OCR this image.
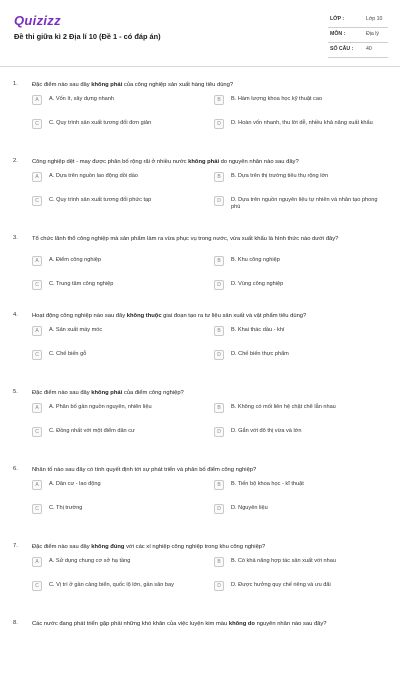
Quizizz
Đề thi giữa kì 2 Địa lí 10 (Đề 1 - có đáp án)
LỚP :	Lớp 10
MÔN :	Địa lý
SỐ CÂU : 40
1. Đặc điểm nào sau đây không phải của công nghiệp sản xuất hàng tiêu dùng?
A	A. Vốn ít, xây dựng nhanh	B	B. Hàm lượng khoa học kỹ thuật cao
C	C. Quy trình sản xuất tương đối đơn giản	D	D. Hoàn vốn nhanh, thu lời dễ, nhiều khả năng xuất khẩu
2. Công nghiệp dệt - may được phân bố rộng rãi ở nhiều nước không phải do nguyên nhân nào sau đây?
A	A. Dựa trên nguồn lao động dồi dào	B	B. Dựa trên thị trường tiêu thụ rộng lớn
C	C. Quy trình sản xuất tương đối phức tạp	D	D. Dựa trên nguồn nguyên liệu tự nhiên và nhân tạo phong phú
3. Tổ chức lãnh thổ công nghiệp mà sản phẩm làm ra vừa phục vụ trong nước, vừa xuất khẩu là hình thức nào dưới đây?
A	A. Điểm công nghiệp	B	B. Khu công nghiệp
C	C. Trung tâm công nghiệp	D	D. Vùng công nghiệp
4. Hoạt động công nghiệp nào sau đây không thuộc giai đoạn tạo ra tư liệu sản xuất và vật phẩm tiêu dùng?
A	A. Sản xuất máy móc	B	B. Khai thác dầu - khí
C	C. Chế biến gỗ	D	D. Chế biến thực phẩm
5. Đặc điểm nào sau đây không phải của điểm công nghiệp?
A	A. Phân bố gần nguồn nguyên, nhiên liệu	B	B. Không có mối liên hệ chặt chẽ lẫn nhau
C	C. Đồng nhất với một điểm dân cư	D	D. Gắn với đô thị vừa và lớn
6. Nhân tố nào sau đây có tính quyết định tới sự phát triển và phân bố điểm công nghiệp?
A	A. Dân cư - lao động	B	B. Tiến bộ khoa học - kĩ thuật
C	C. Thị trường	D	D. Nguyên liệu
7. Đặc điểm nào sau đây không đúng với các xí nghiệp công nghiệp trong khu công nghiệp?
A	A. Sử dụng chung cơ sở hạ tầng	B	B. Có khả năng hợp tác sản xuất với nhau
C	C. Vị trí ở gần cảng biển, quốc lộ lớn, gần sân bay	D	D. Được hưởng quy chế riêng và ưu đãi
8. Các nước đang phát triển gặp phải những khó khăn của việc luyện kim màu không do nguyên nhân nào sau đây?
